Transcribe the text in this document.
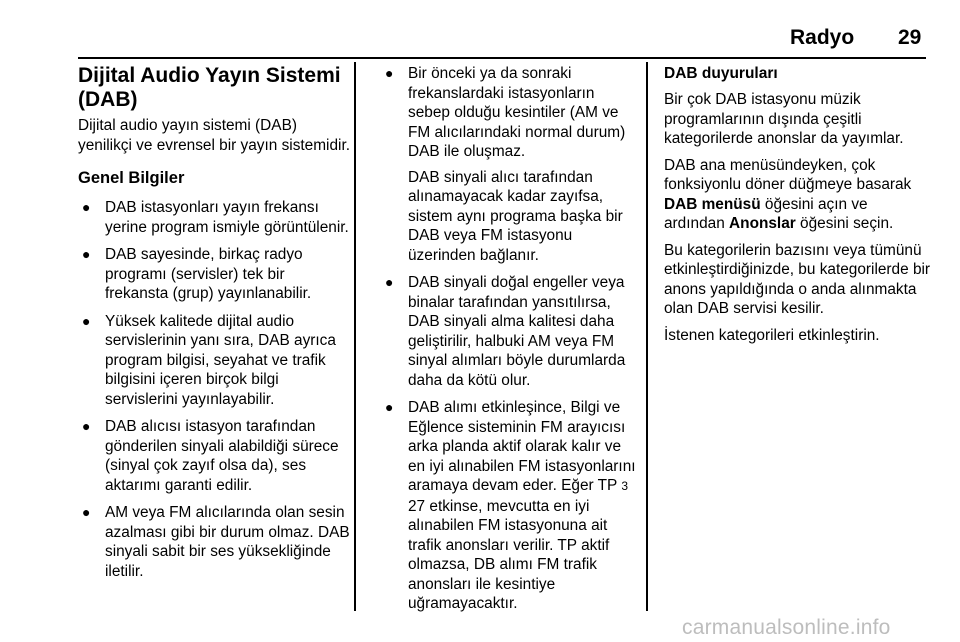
Radyo 29
Dijital Audio Yayın Sistemi (DAB)

Dijital audio yayın sistemi (DAB) yenilikçi ve evrensel bir yayın sistemidir.

Genel Bilgiler
● DAB istasyonları yayın frekansı yerine program ismiyle görüntülenir.
● DAB sayesinde, birkaç radyo programı (servisler) tek bir frekansta (grup) yayınlanabilir.
● Yüksek kalitede dijital audio servislerinin yanı sıra, DAB ayrıca program bilgisi, seyahat ve trafik bilgisini içeren birçok bilgi servislerini yayınlayabilir.
● DAB alıcısı istasyon tarafından gönderilen sinyali alabildiği sürece (sinyal çok zayıf olsa da), ses aktarımı garanti edilir.
● AM veya FM alıcılarında olan sesin azalması gibi bir durum olmaz. DAB sinyali sabit bir ses yüksekliğinde iletilir.
● Bir önceki ya da sonraki frekanslardaki istasyonların sebep olduğu kesintiler (AM ve FM alıcılarındaki normal durum) DAB ile oluşmaz.

DAB sinyali alıcı tarafından alınamayacak kadar zayıfsa, sistem aynı programa başka bir DAB veya FM istasyonu üzerinden bağlanır.

● DAB sinyali doğal engeller veya binalar tarafından yansıtılırsa, DAB sinyali alma kalitesi daha geliştirilir, halbuki AM veya FM sinyal alımları böyle durumlarda daha da kötü olur.
● DAB alımı etkinleşince, Bilgi ve Eğlence sisteminin FM arayıcısı arka planda aktif olarak kalır ve en iyi alınabilen FM istasyonlarını aramaya devam eder. Eğer TP 3 27 etkinse, mevcutta en iyi alınabilen FM istasyonuna ait trafik anonsları verilir. TP aktif olmazsa, DB alımı FM trafik anonsları ile kesintiye uğramayacaktır.
DAB duyuruları

Bir çok DAB istasyonu müzik programlarının dışında çeşitli kategorilerde anonslar da yayımlar.

DAB ana menüsündeyken, çok fonksiyonlu döner düğmeye basarak DAB menüsü öğesini açın ve ardından Anonslar öğesini seçin.

Bu kategorilerin bazısını veya tümünü etkinleştirdiğinizde, bu kategorilerde bir anons yapıldığında o anda alınmakta olan DAB servisi kesilir.

İstenen kategorileri etkinleştirin.

carmanualsonline.info
